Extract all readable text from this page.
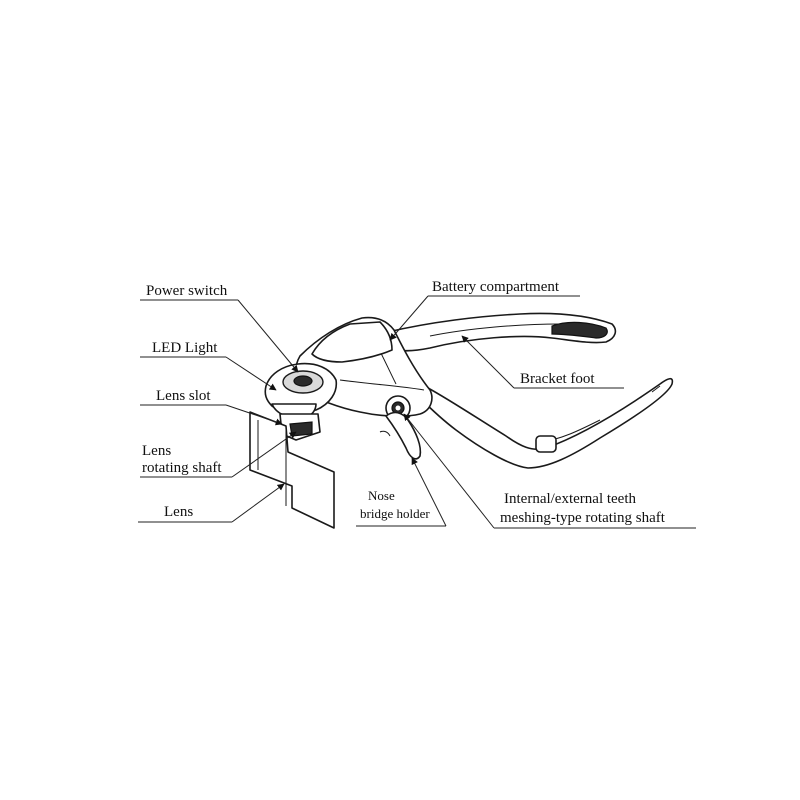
Power switch
LED Light
Lens slot
Lens
rotating shaft
Lens
Battery compartment
Bracket foot
Nose
bridge holder
Internal/external teeth
meshing-type rotating shaft
